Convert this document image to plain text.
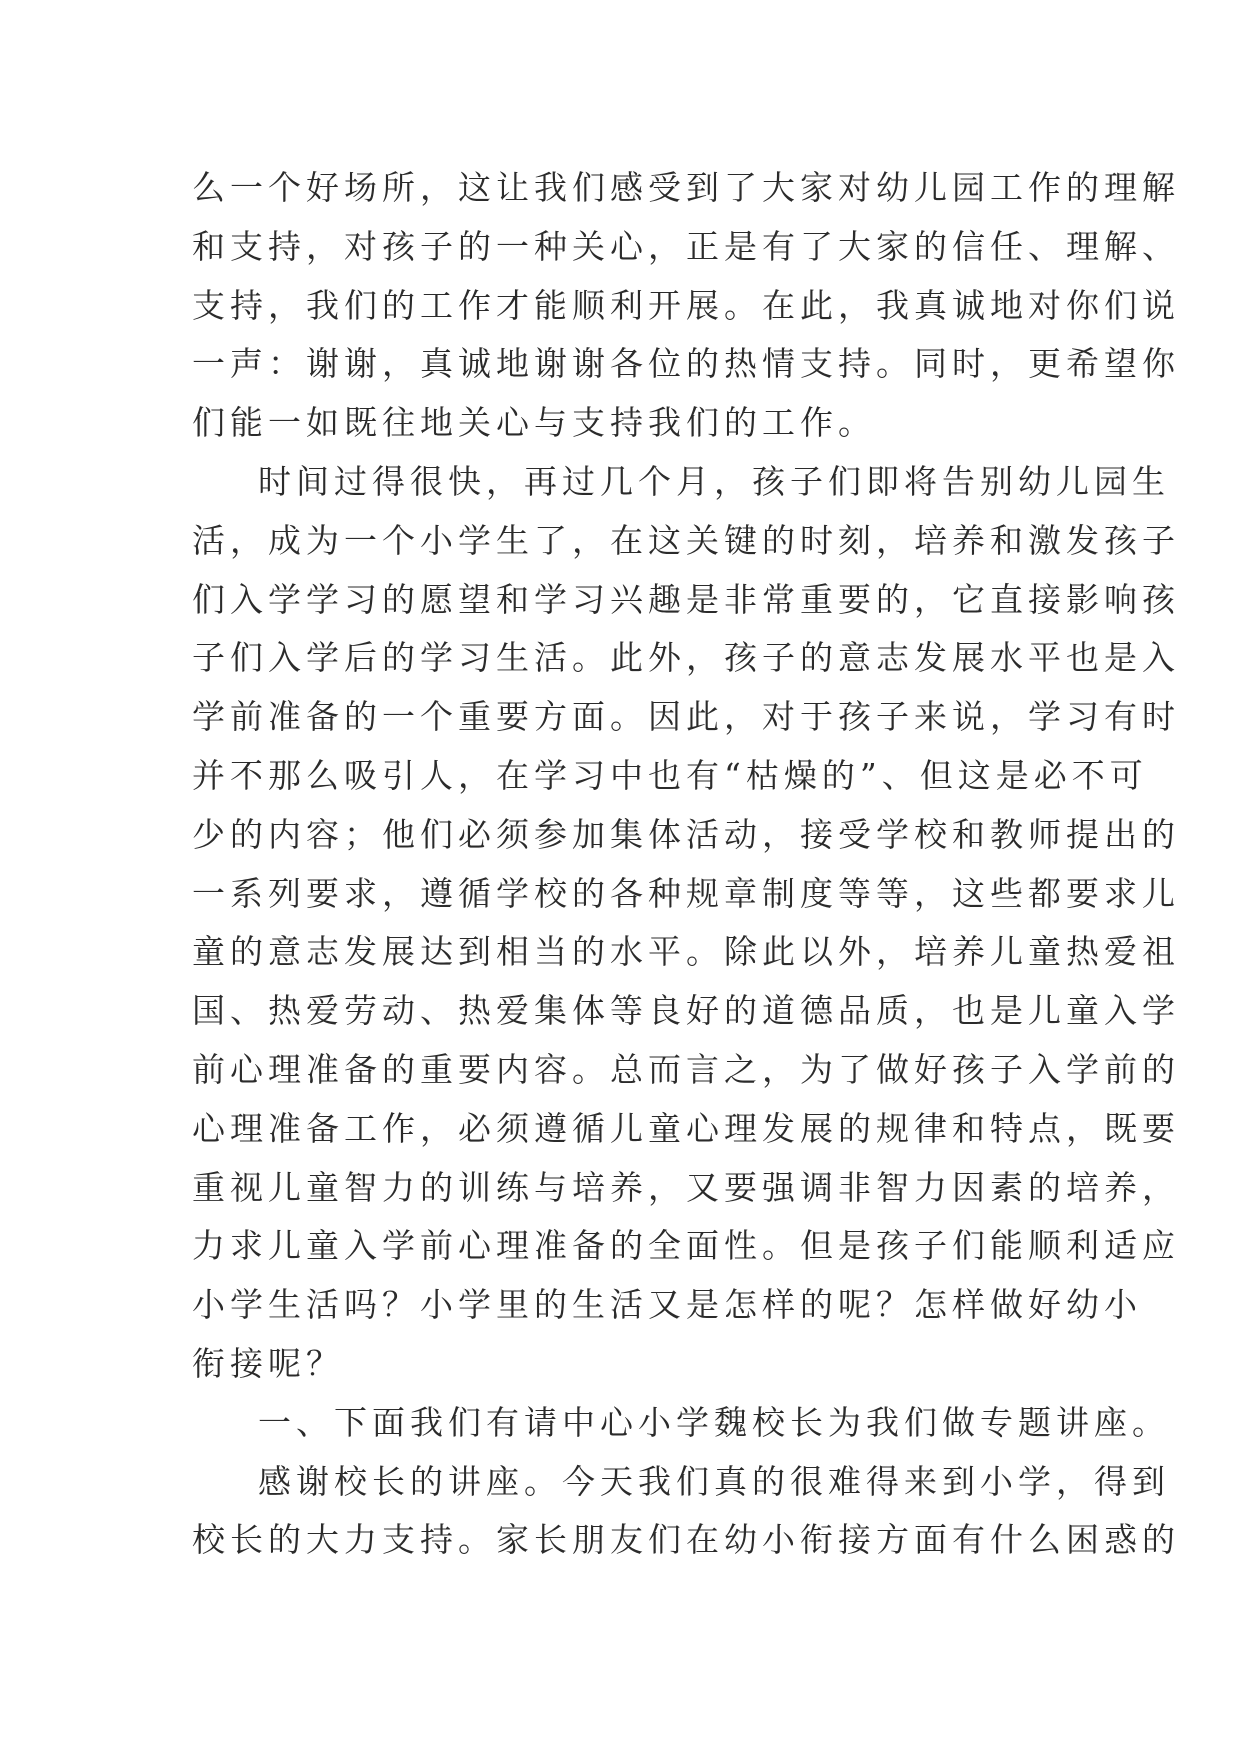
么一个好场所，这让我们感受到了大家对幼儿园工作的理解
和支持，对孩子的一种关心，正是有了大家的信任、理解、
支持，我们的工作才能顺利开展。在此，我真诚地对你们说
一声：谢谢，真诚地谢谢各位的热情支持。同时，更希望你
们能一如既往地关心与支持我们的工作。
时间过得很快，再过几个月，孩子们即将告别幼儿园生
活，成为一个小学生了，在这关键的时刻，培养和激发孩子
们入学学习的愿望和学习兴趣是非常重要的，它直接影响孩
子们入学后的学习生活。此外，孩子的意志发展水平也是入
学前准备的一个重要方面。因此，对于孩子来说，学习有时
并不那么吸引人，在学习中也有“枯燥的”、但这是必不可
少的内容；他们必须参加集体活动，接受学校和教师提出的
一系列要求，遵循学校的各种规章制度等等，这些都要求儿
童的意志发展达到相当的水平。除此以外，培养儿童热爱祖
国、热爱劳动、热爱集体等良好的道德品质，也是儿童入学
前心理准备的重要内容。总而言之，为了做好孩子入学前的
心理准备工作，必须遵循儿童心理发展的规律和特点，既要
重视儿童智力的训练与培养，又要强调非智力因素的培养，
力求儿童入学前心理准备的全面性。但是孩子们能顺利适应
小学生活吗？小学里的生活又是怎样的呢？怎样做好幼小
衔接呢？
一、下面我们有请中心小学魏校长为我们做专题讲座。
感谢校长的讲座。今天我们真的很难得来到小学，得到
校长的大力支持。家长朋友们在幼小衔接方面有什么困惑的
